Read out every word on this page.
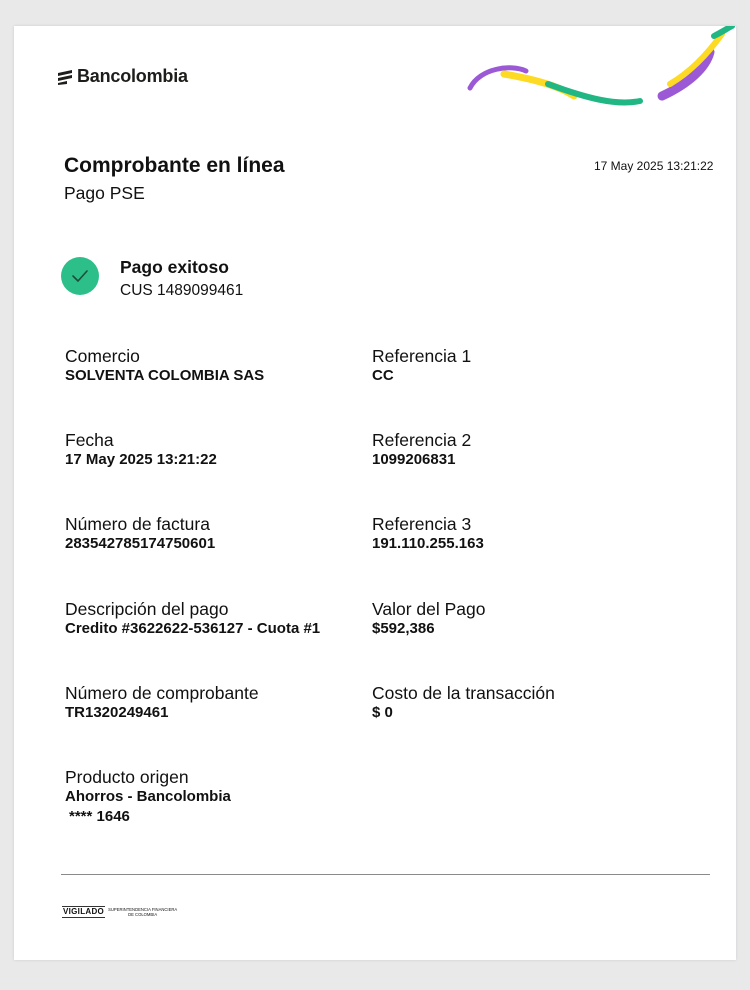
Bancolombia
Comprobante en línea
Pago PSE
17 May 2025 13:21:22
Pago exitoso
CUS 1489099461
Comercio
SOLVENTA COLOMBIA SAS
Referencia 1
CC
Fecha
17 May 2025 13:21:22
Referencia 2
1099206831
Número de factura
283542785174750601
Referencia 3
191.110.255.163
Descripción del pago
Credito #3622622-536127 - Cuota #1
Valor del Pago
$592,386
Número de comprobante
TR1320249461
Costo de la transacción
$ 0
Producto origen
Ahorros - Bancolombia
**** 1646
VIGILADO SUPERINTENDENCIA FINANCIERA
DE COLOMBIA
